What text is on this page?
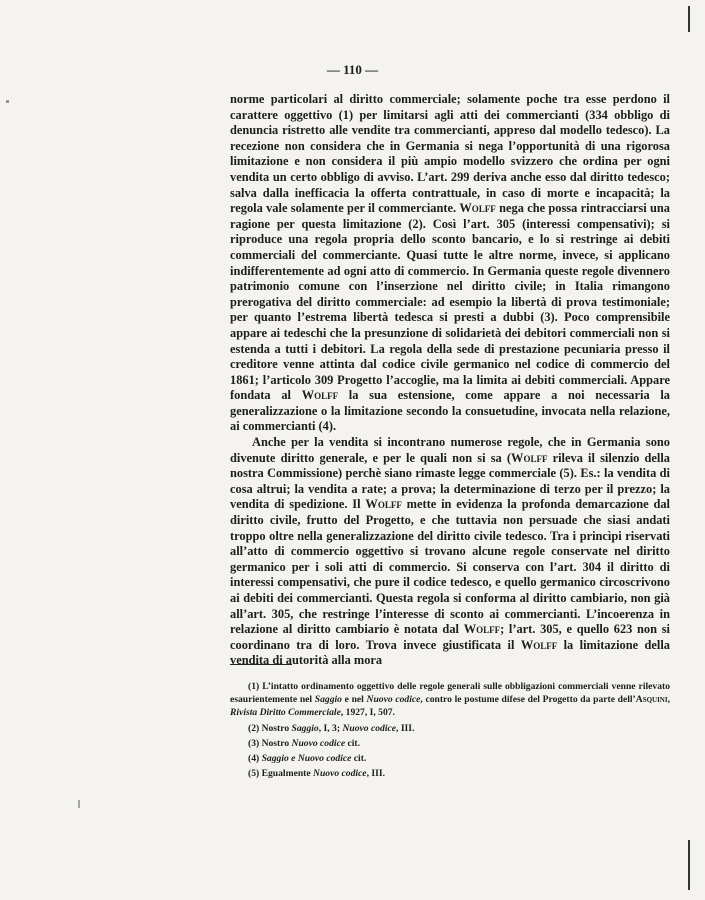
— 110 —

norme particolari al diritto commerciale; solamente poche tra esse perdono il carattere oggettivo (1) per limitarsi agli atti dei commercianti (334 obbligo di denuncia ristretto alle vendite tra commercianti, appreso dal modello tedesco). La recezione non considera che in Germania si nega l’opportunità di una rigorosa limitazione e non considera il più ampio modello svizzero che ordina per ogni vendita un certo obbligo di avviso. L’art. 299 deriva anche esso dal diritto tedesco; salva dalla inefficacia la offerta contrattuale, in caso di morte e incapacità; la regola vale solamente per il commerciante. Wolff nega che possa rintracciarsi una ragione per questa limitazione (2). Così l’art. 305 (interessi compensativi); si riproduce una regola propria dello sconto bancario, e lo si restringe ai debiti commerciali del commerciante. Quasi tutte le altre norme, invece, si applicano indifferentemente ad ogni atto di commercio. In Germania queste regole divennero patrimonio comune con l’inserzione nel diritto civile; in Italia rimangono prerogativa del diritto commerciale: ad esempio la libertà di prova testimoniale; per quanto l’estrema libertà tedesca si presti a dubbi (3). Poco comprensibile appare ai tedeschi che la presunzione di solidarietà dei debitori commerciali non si estenda a tutti i debitori. La regola della sede di prestazione pecuniaria presso il creditore venne attinta dal codice civile germanico nel codice di commercio del 1861; l’articolo 309 Progetto l’accoglie, ma la limita ai debiti commerciali. Appare fondata al Wolff la sua estensione, come appare a noi necessaria la generalizzazione o la limitazione secondo la consuetudine, invocata nella relazione, ai commercianti (4).

Anche per la vendita si incontrano numerose regole, che in Germania sono divenute diritto generale, e per le quali non si sa (Wolff rileva il silenzio della nostra Commissione) perchè siano rimaste legge commerciale (5). Es.: la vendita di cosa altrui; la vendita a rate; a prova; la determinazione di terzo per il prezzo; la vendita di spedizione. Il Wolff mette in evidenza la profonda demarcazione dal diritto civile, frutto del Progetto, e che tuttavia non persuade che siasi andati troppo oltre nella generalizzazione del diritto civile tedesco. Tra i princìpi riservati all’atto di commercio oggettivo si trovano alcune regole conservate nel diritto germanico per i soli atti di commercio. Si conserva con l’art. 304 il diritto di interessi compensativi, che pure il codice tedesco, e quello germanico circoscrivono ai debiti dei commercianti. Questa regola si conforma al diritto cambiario, non già all’art. 305, che restringe l’interesse di sconto ai commercianti. L’incoerenza in relazione al diritto cambiario è notata dal Wolff; l’art. 305, e quello 623 non si coordinano tra di loro. Trova invece giustificata il Wolff la limitazione della vendita di autorità alla mora

(1) L’intatto ordinamento oggettivo delle regole generali sulle obbligazioni commerciali venne rilevato esaurientemente nel Saggio e nel Nuovo codice, contro le postume difese del Progetto da parte dell’Asquini, Rivista Diritto Commerciale, 1927, I, 507.

(2) Nostro Saggio, I, 3; Nuovo codice, III.

(3) Nostro Nuovo codice cit.

(4) Saggio e Nuovo codice cit.

(5) Egualmente Nuovo codice, III.
